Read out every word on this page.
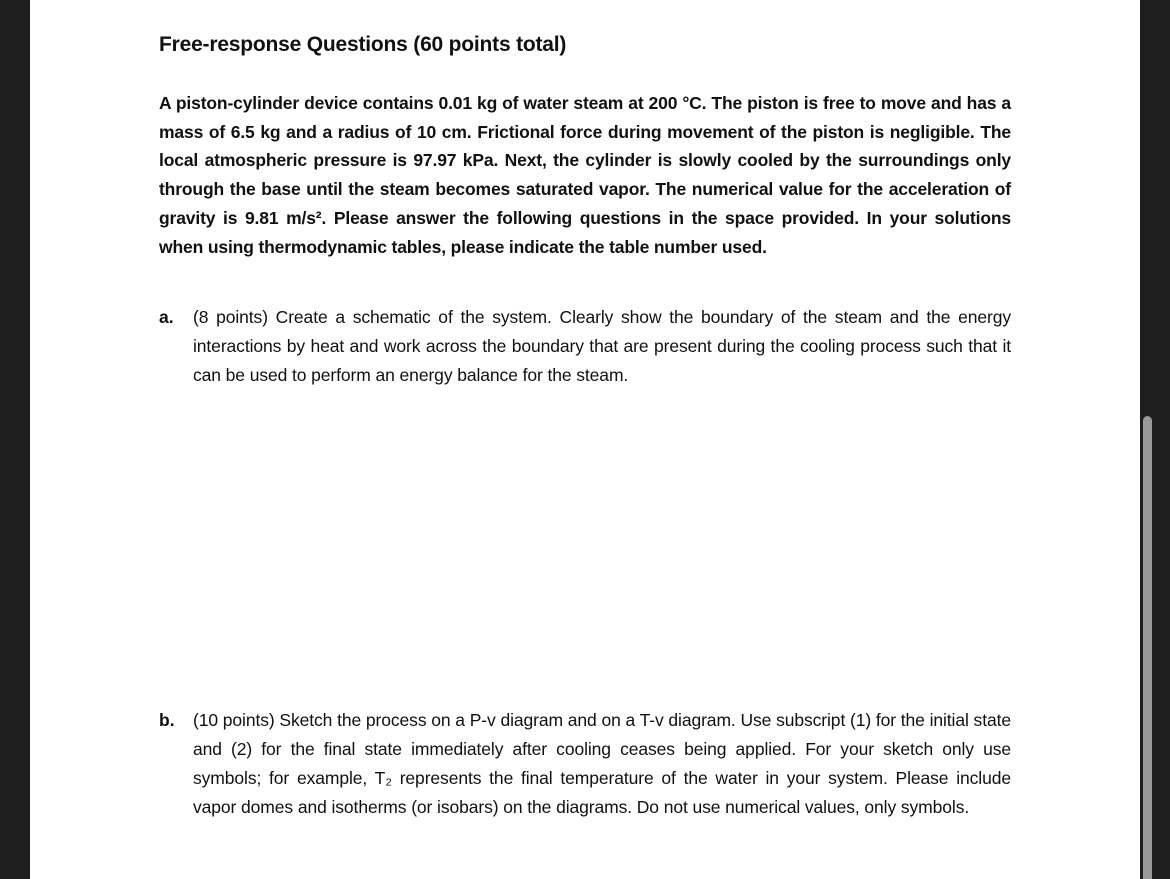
Free-response Questions (60 points total)

A piston-cylinder device contains 0.01 kg of water steam at 200 °C. The piston is free to move and has a mass of 6.5 kg and a radius of 10 cm. Frictional force during movement of the piston is negligible. The local atmospheric pressure is 97.97 kPa. Next, the cylinder is slowly cooled by the surroundings only through the base until the steam becomes saturated vapor. The numerical value for the acceleration of gravity is 9.81 m/s². Please answer the following questions in the space provided. In your solutions when using thermodynamic tables, please indicate the table number used.

a. (8 points) Create a schematic of the system. Clearly show the boundary of the steam and the energy interactions by heat and work across the boundary that are present during the cooling process such that it can be used to perform an energy balance for the steam.
b. (10 points) Sketch the process on a P-v diagram and on a T-v diagram. Use subscript (1) for the initial state and (2) for the final state immediately after cooling ceases being applied. For your sketch only use symbols; for example, T₂ represents the final temperature of the water in your system. Please include vapor domes and isotherms (or isobars) on the diagrams. Do not use numerical values, only symbols.
